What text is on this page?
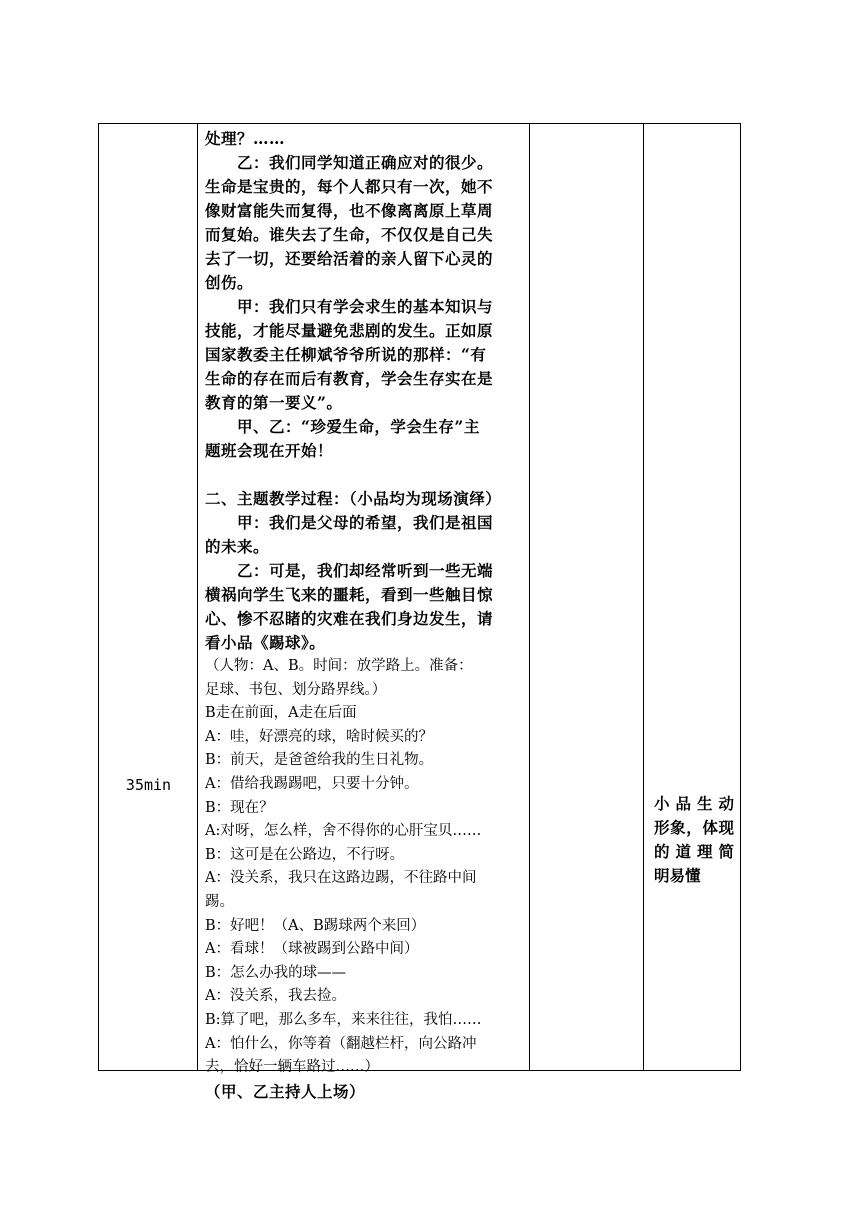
35min
处理？……
乙：我们同学知道正确应对的很少。
生命是宝贵的，每个人都只有一次，她不
像财富能失而复得，也不像离离原上草周
而复始。谁失去了生命，不仅仅是自己失
去了一切，还要给活着的亲人留下心灵的
创伤。
甲：我们只有学会求生的基本知识与
技能，才能尽量避免悲剧的发生。正如原
国家教委主任柳斌爷爷所说的那样：“有
生命的存在而后有教育，学会生存实在是
教育的第一要义”。
甲、乙：“珍爱生命，学会生存”主
题班会现在开始！
二、主题教学过程：（小品均为现场演绎）
甲：我们是父母的希望，我们是祖国
的未来。
乙：可是，我们却经常听到一些无端
横祸向学生飞来的噩耗，看到一些触目惊
心、惨不忍睹的灾难在我们身边发生，请
看小品《踢球》。
（人物：A、B。时间：放学路上。准备：
足球、书包、划分路界线。）
B走在前面，A走在后面
A：哇，好漂亮的球，啥时候买的？
B：前天，是爸爸给我的生日礼物。
A：借给我踢踢吧，只要十分钟。
B：现在？
A:对呀，怎么样，舍不得你的心肝宝贝……
B：这可是在公路边，不行呀。
A：没关系，我只在这路边踢，不往路中间
踢。
B：好吧！（A、B踢球两个来回）
A：看球！（球被踢到公路中间）
B：怎么办我的球——
A：没关系，我去捡。
B:算了吧，那么多车，来来往往，我怕……
A：怕什么，你等着（翻越栏杆，向公路冲
去，恰好一辆车路过……）
（甲、乙主持人上场）
小品生动
形象，体现
的道理简
明易懂
